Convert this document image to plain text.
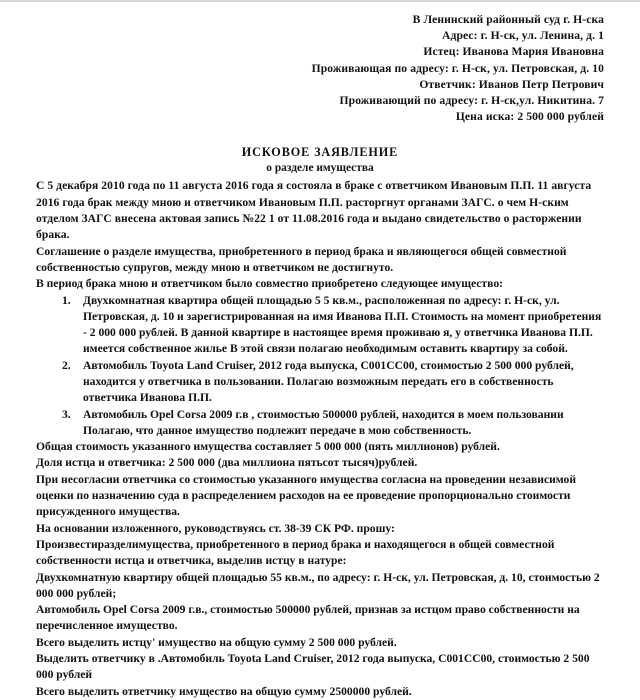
В Ленинский районный суд г. Н-ска
Адрес: г. Н-ск, ул. Ленина, д. 1
Истец: Иванова Мария Ивановна
Проживающая по адресу: г. Н-ск, ул. Петровская, д. 10
Ответчик: Иванов Петр Петрович
Проживающий по адресу: г. Н-ск,ул. Никитина. 7
Цена иска: 2 500 000 рублей
ИСКОВОЕ ЗАЯВЛЕНИЕ
о разделе имущества

С 5 декабря 2010 года по 11 августа 2016 года я состояла в браке с ответчиком Ивановым П.П. 11 августа 2016 года брак между мною и ответчиком Ивановым П.П. расторгнут органами ЗАГС. о чем Н-ским отделом ЗАГС внесена актовая запись №22 1 от 11.08.2016 года и выдано свидетельство о расторжении брака.

Соглашение о разделе имущества, приобретенного в период брака и являющегося общей совместной собственностью супругов, между мною и ответчиком не достигнуто.

В период брака мною и ответчиком было совместно приобретено следующее имущество:

1. Двухкомнатная квартира общей площадью 5 5 кв.м., расположенная по адресу: г. Н-ск, ул. Петровская, д. 10 и зарегистрированная на имя Иванова П.П. Стоимость на момент приобретения - 2 000 000 рублей. В данной квартире в настоящее время проживаю я, у ответчика Иванова П.П. имеется собственное жилье В этой связи полагаю необходимым оставить квартиру за собой.
2. Автомобиль Toyota Land Cruiser, 2012 года выпуска, С001СС00, стоимостью 2 500 000 рублей, находится у ответчика в пользовании. Полагаю возможным передать его в собственность ответчика Иванова П.П.
3. Автомобиль Opel Corsa 2009 г.в , стоимостью 500000 рублей, находится в моем пользовании Полагаю, что данное имущество подлежит передаче в мою собственность.

Общая стоимость указанного имущества составляет 5 000 000 (пять миллионов) рублей.

Доля истца и ответчика: 2 500 000 (два миллиона пятьсот тысяч)рублей.

При несогласии ответчика со стоимостью указанного имущества согласна на проведении независимой оценки по назначению суда в распределением расходов на ее проведение пропорционально стоимости присужденного имущества.

На основании изложенного, руководствуясь ст. 38-39 СК РФ. прошу:

Произвестиразделимущества, приобретенного в период брака и находящегося в общей совместной собственности истца и ответчика, выделив истцу в натуре:

Двухкомнатную квартиру общей площадью 55 кв.м., по адресу: г. Н-ск, ул. Петровская, д. 10, стоимостью 2 000 000 рублей;

Автомобиль Opel Corsa 2009 г.в., стоимостью 500000 рублей, признав за истцом право собственности на перечисленное имущество.

Всего выделить истцу' имущество на общую сумму 2 500 000 рублей.

Выделить ответчику в .Автомобиль Toyota Land Cruiser, 2012 года выпуска, С001СС00, стоимостью 2 500 000 рублей

Всего выделить ответчику имущество на общую сумму 2500000 рублей.
